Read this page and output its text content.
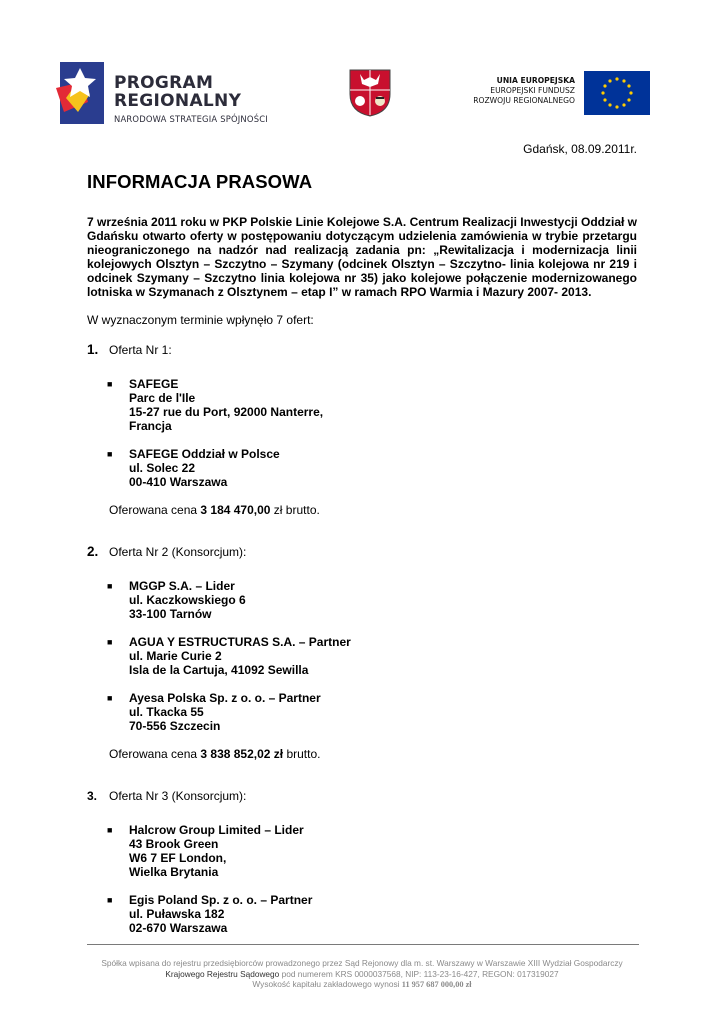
PROGRAM
REGIONALNY
NARODOWA STRATEGIA SPÓJNOŚCI
UNIA EUROPEJSKA
EUROPEJSKI FUNDUSZ
ROZWOJU REGIONALNEGO
Gdańsk, 08.09.2011r.
INFORMACJA PRASOWA

7 września 2011 roku w PKP Polskie Linie Kolejowe S.A. Centrum Realizacji Inwestycji Oddział w Gdańsku otwarto oferty w postępowaniu dotyczącym udzielenia zamówienia w trybie przetargu nieograniczonego na nadzór nad realizacją zadania pn: „Rewitalizacja i modernizacja linii kolejowych Olsztyn – Szczytno – Szymany (odcinek Olsztyn – Szczytno- linia kolejowa nr 219 i odcinek Szymany – Szczytno linia kolejowa nr 35) jako kolejowe połączenie modernizowanego lotniska w Szymanach z Olsztynem – etap I” w ramach RPO Warmia i Mazury 2007- 2013.

W wyznaczonym terminie wpłynęło 7 ofert:

1. Oferta Nr 1:
■	SAFEGE
Parc de l'Ile
15-27 rue du Port, 92000 Nanterre,
Francja
■	SAFEGE Oddział w Polsce
ul. Solec 22
00-410 Warszawa
Oferowana cena 3 184 470,00 zł brutto.
2. Oferta Nr 2 (Konsorcjum):
■	MGGP S.A. – Lider
ul. Kaczkowskiego 6
33-100 Tarnów
■	AGUA Y ESTRUCTURAS S.A. – Partner
ul. Marie Curie 2
Isla de la Cartuja, 41092 Sewilla
■	Ayesa Polska Sp. z o. o. – Partner
ul. Tkacka 55
70-556 Szczecin
Oferowana cena 3 838 852,02 zł brutto.
3. Oferta Nr 3 (Konsorcjum):
■	Halcrow Group Limited – Lider
43 Brook Green
W6 7 EF London,
Wielka Brytania
■	Egis Poland Sp. z o. o. – Partner
ul. Puławska 182
02-670 Warszawa
Spółka wpisana do rejestru przedsiębiorców prowadzonego przez Sąd Rejonowy dla m. st. Warszawy w Warszawie XIII Wydział Gospodarczy
Krajowego Rejestru Sądowego pod numerem KRS 0000037568, NIP: 113-23-16-427, REGON: 017319027
Wysokość kapitału zakładowego wynosi 11 957 687 000,00 zł
